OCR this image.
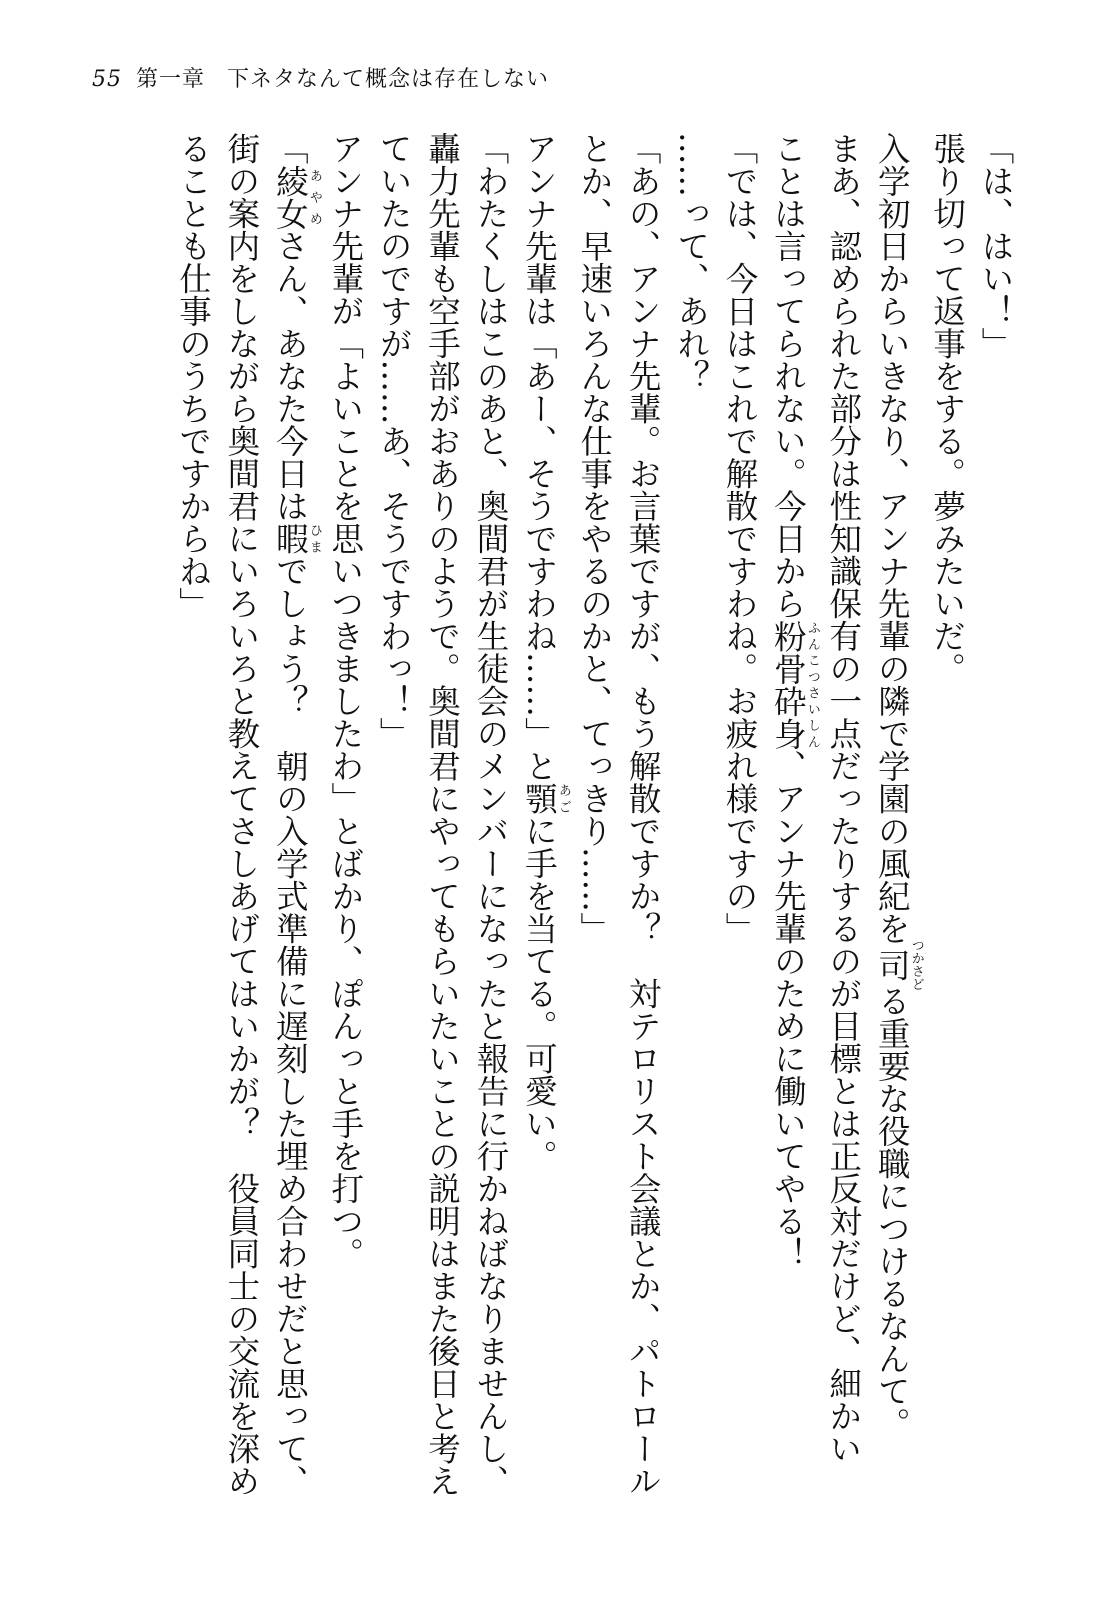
55 第一章 下ネタなんて概念は存在しない
「は、はい！」
張り切って返事をする。夢みたいだ。
入学初日からいきなり、アンナ先輩の隣で学園の風紀を司つかさどる重要な役職につけるなんて。
まあ、認められた部分は性知識保有の一点だったりするのが目標とは正反対だけど、細かい
ことは言ってられない。今日から粉骨砕身ふんこつさいしん、アンナ先輩のために働いてやる！
「では、今日はこれで解散ですわね。お疲れ様ですの」
……って、あれ？
「あの、アンナ先輩。お言葉ですが、もう解散ですか？　対テロリスト会議とか、パトロール
とか、早速いろんな仕事をやるのかと、てっきり……」
アンナ先輩は「あー、そうですわね……」と顎あごに手を当てる。可愛い。
「わたくしはこのあと、奥間君が生徒会のメンバーになったと報告に行かねばなりませんし、
轟力先輩も空手部がおありのようで。奥間君にやってもらいたいことの説明はまた後日と考え
ていたのですが……あ、そうですわっ！」
アンナ先輩が「よいことを思いつきましたわ」とばかり、ぽんっと手を打つ。
「綾女あやめさん、あなた今日は暇ひまでしょう？　朝の入学式準備に遅刻した埋め合わせだと思って、
街の案内をしながら奥間君にいろいろと教えてさしあげてはいかが？　役員同士の交流を深め
ることも仕事のうちですからね」
